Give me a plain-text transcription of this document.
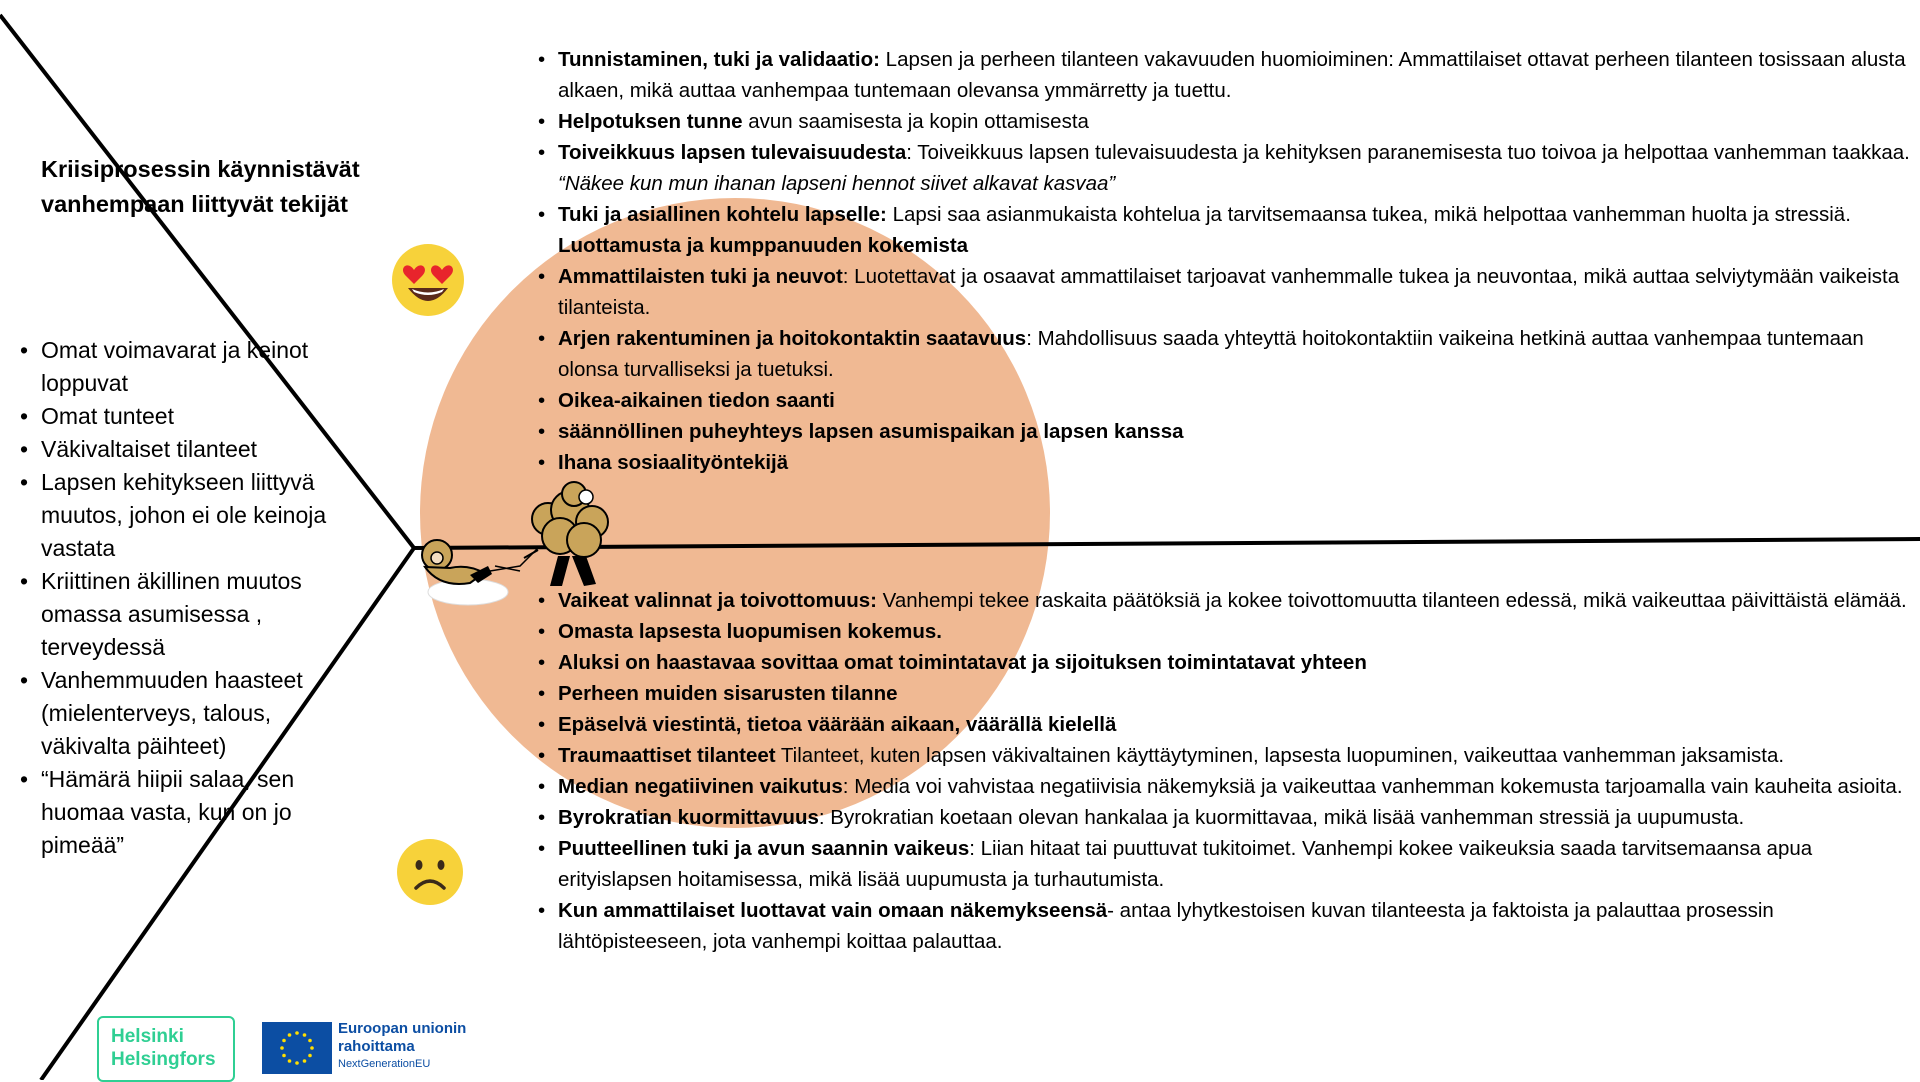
Kriisiprosessin käynnistävät vanhempaan liittyvät tekijät
• Omat voimavarat ja keinot loppuvat
• Omat tunteet
• Väkivaltaiset tilanteet
• Lapsen kehitykseen liittyvä muutos, johon ei ole keinoja vastata
• Kriittinen äkillinen muutos omassa asumisessa , terveydessä
• Vanhemmuuden haasteet (mielenterveys, talous, väkivalta päihteet)
• “Hämärä hiipii salaa, sen huomaa vasta, kun on jo pimeää”
• Tunnistaminen, tuki ja validaatio: Lapsen ja perheen tilanteen vakavuuden huomioiminen: Ammattilaiset ottavat perheen tilanteen tosissaan alusta alkaen, mikä auttaa vanhempaa tuntemaan olevansa ymmärretty ja tuettu.
• Helpotuksen tunne avun saamisesta ja kopin ottamisesta
• Toiveikkuus lapsen tulevaisuudesta: Toiveikkuus lapsen tulevaisuudesta ja kehityksen paranemisesta tuo toivoa ja helpottaa vanhemman taakkaa. “Näkee kun mun ihanan lapseni hennot siivet alkavat kasvaa”
• Tuki ja asiallinen kohtelu lapselle: Lapsi saa asianmukaista kohtelua ja tarvitsemaansa tukea, mikä helpottaa vanhemman huolta ja stressiä. Luottamusta ja kumppanuuden kokemista
• Ammattilaisten tuki ja neuvot: Luotettavat ja osaavat ammattilaiset tarjoavat vanhemmalle tukea ja neuvontaa, mikä auttaa selviytymään vaikeista tilanteista.
• Arjen rakentuminen ja hoitokontaktin saatavuus: Mahdollisuus saada yhteyttä hoitokontaktiin vaikeina hetkinä auttaa vanhempaa tuntemaan olonsa turvalliseksi ja tuetuksi.
• Oikea-aikainen tiedon saanti
• säännöllinen puheyhteys lapsen asumispaikan ja lapsen kanssa
• Ihana sosiaalityöntekijä
• Vaikeat valinnat ja toivottomuus: Vanhempi tekee raskaita päätöksiä ja kokee toivottomuutta tilanteen edessä, mikä vaikeuttaa päivittäistä elämää.
• Omasta lapsesta luopumisen kokemus.
• Aluksi on haastavaa sovittaa omat toimintatavat ja sijoituksen toimintatavat yhteen
• Perheen muiden sisarusten tilanne
• Epäselvä viestintä, tietoa väärään aikaan, väärällä kielellä
• Traumaattiset tilanteet Tilanteet, kuten lapsen väkivaltainen käyttäytyminen, lapsesta luopuminen, vaikeuttaa vanhemman jaksamista.
• Median negatiivinen vaikutus: Media voi vahvistaa negatiivisia näkemyksiä ja vaikeuttaa vanhemman kokemusta tarjoamalla vain kauheita asioita.
• Byrokratian kuormittavuus: Byrokratian koetaan olevan hankalaa ja kuormittavaa, mikä lisää vanhemman stressiä ja uupumusta.
• Puutteellinen tuki ja avun saannin vaikeus: Liian hitaat tai puuttuvat tukitoimet. Vanhempi kokee vaikeuksia saada tarvitsemaansa apua erityislapsen hoitamisessa, mikä lisää uupumusta ja turhautumista.
• Kun ammattilaiset luottavat vain omaan näkemykseensä- antaa lyhytkestoisen kuvan tilanteesta ja faktoista ja palauttaa prosessin lähtöpisteeseen, jota vanhempi koittaa palauttaa.
Helsinki
Helsingfors
Euroopan unionin
rahoittama
NextGenerationEU
